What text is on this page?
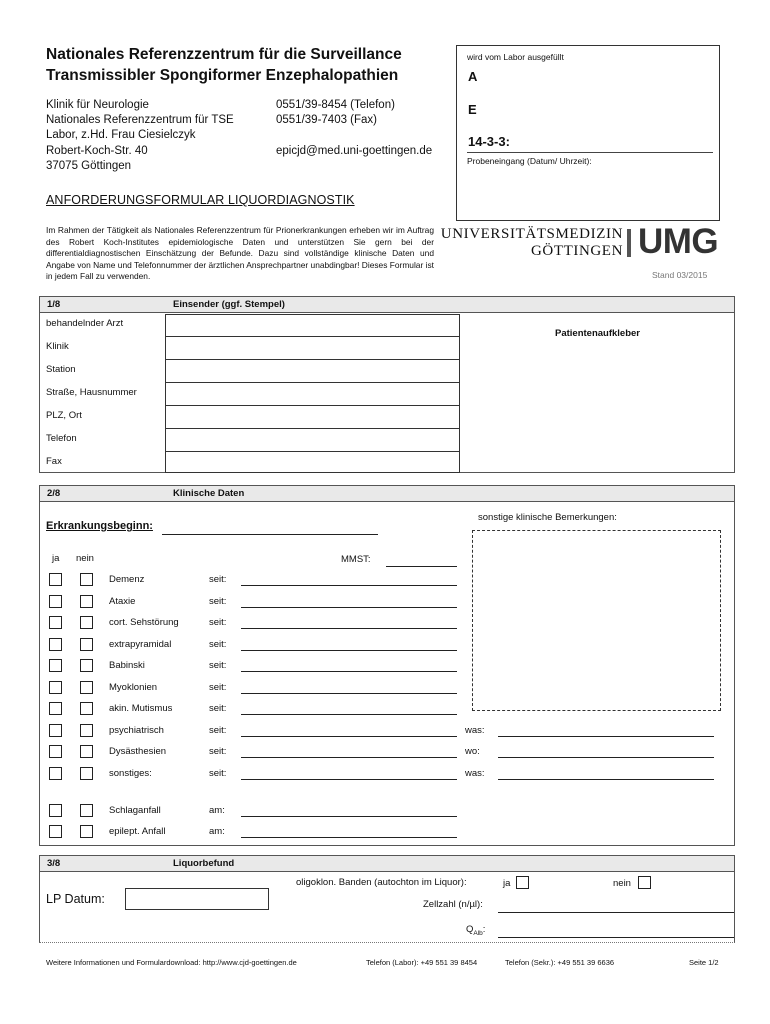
Nationales Referenzzentrum für die Surveillance
Transmissibler Spongiformer Enzephalopathien
Klinik für Neurologie
Nationales Referenzzentrum für TSE
Labor, z.Hd. Frau Ciesielczyk
Robert-Koch-Str. 40
37075 Göttingen
0551/39-8454 (Telefon)
0551/39-7403 (Fax)
epicjd@med.uni-goettingen.de
wird vom Labor ausgefüllt
A
E
14-3-3:
Probeneingang (Datum/ Uhrzeit):
ANFORDERUNGSFORMULAR LIQUORDIAGNOSTIK
Im Rahmen der Tätigkeit als Nationales Referenzzentrum für Prionerkrankungen erheben wir im Auftrag des Robert Koch-Institutes epidemiologische Daten und unterstützen Sie gern bei der differentialdiagnostischen Einschätzung der Befunde. Dazu sind vollständige klinische Daten und Angabe von Name und Telefonnummer der ärztlichen Ansprechpartner unabdingbar! Dieses Formular ist in jedem Fall zu verwenden.
UNIVERSITÄTSMEDIZIN
GÖTTINGEN UMG
Stand 03/2015
1/8	Einsender (ggf. Stempel)
behandelnder Arzt
Klinik
Station
Straße, Hausnummer
PLZ, Ort
Telefon
Fax
Patientenaufkleber
2/8	Klinische Daten
Erkrankungsbeginn:
ja nein	MMST:
sonstige klinische Bemerkungen:
Demenz	seit:
Ataxie	seit:
cort. Sehstörung	seit:
extrapyramidal	seit:
Babinski	seit:
Myoklonien	seit:
akin. Mutismus	seit:
psychiatrisch	seit:	was:
Dysästhesien	seit:	wo:
sonstiges:	seit:	was:
Schlaganfall	am:
epilept. Anfall	am:
3/8	Liquorbefund
LP Datum:
oligoklon. Banden (autochton im Liquor):	ja	nein
Zellzahl (n/µl):
$Q_{Alb}$:
Weitere Informationen und Formulardownload: http://www.cjd-goettingen.de	Telefon (Labor): +49 551 39 8454	Telefon (Sekr.): +49 551 39 6636	Seite 1/2
